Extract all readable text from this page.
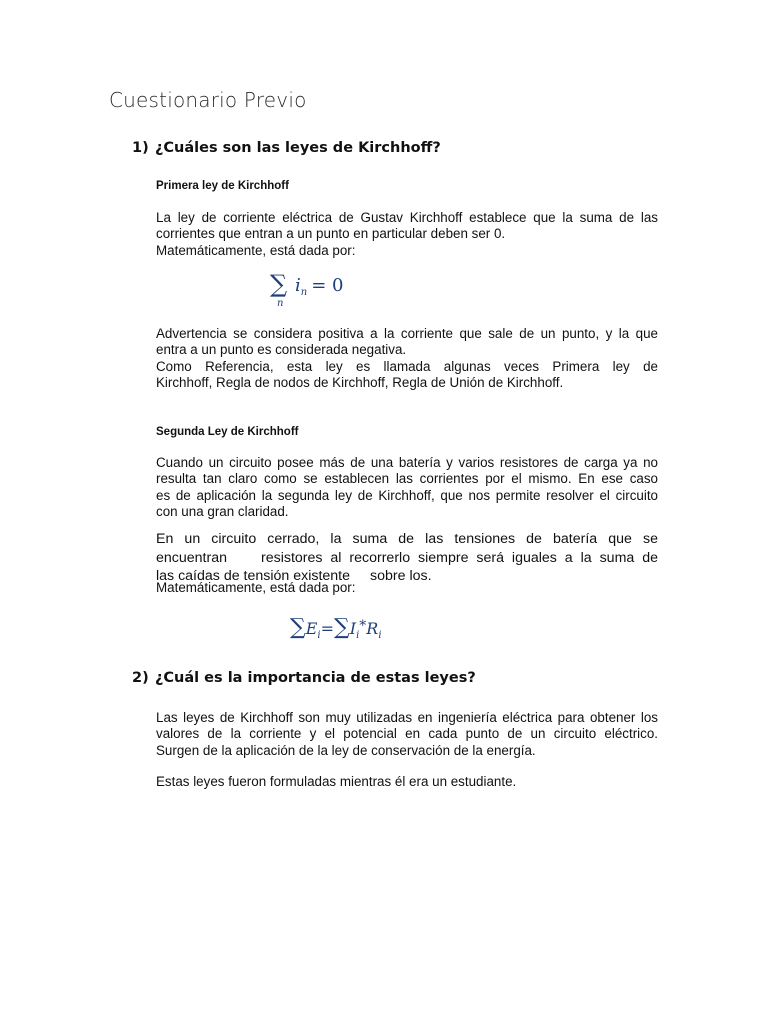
Cuestionario Previo
1) ¿Cuáles son las leyes de Kirchhoff?
Primera ley de Kirchhoff
La ley de corriente eléctrica de Gustav Kirchhoff establece que la suma de las
corrientes que entran a un punto en particular deben ser 0.
Matemáticamente, está dada por:
∑
n
$i_n = 0$
Advertencia se considera positiva a la corriente que sale de un punto, y la que
entra a un punto es considerada negativa.
Como Referencia, esta ley es llamada algunas veces Primera ley de
Kirchhoff, Regla de nodos de Kirchhoff, Regla de Unión de Kirchhoff.
Segunda Ley de Kirchhoff
Cuando un circuito posee más de una batería y varios resistores de carga ya no
resulta tan claro como se establecen las corrientes por el mismo. En ese caso
es de aplicación la segunda ley de Kirchhoff, que nos permite resolver el circuito
con una gran claridad.
En un circuito cerrado, la suma de las tensiones de batería que se
encuentran resistores al recorrerlo siempre será iguales a la suma de
las caídas de tensión existente sobre los.
Matemáticamente, está dada por:
$\sum E_i=\sum I_i*R_i$
2) ¿Cuál es la importancia de estas leyes?
Las leyes de Kirchhoff son muy utilizadas en ingeniería eléctrica para obtener los
valores de la corriente y el potencial en cada punto de un circuito eléctrico.
Surgen de la aplicación de la ley de conservación de la energía.
Estas leyes fueron formuladas mientras él era un estudiante.
